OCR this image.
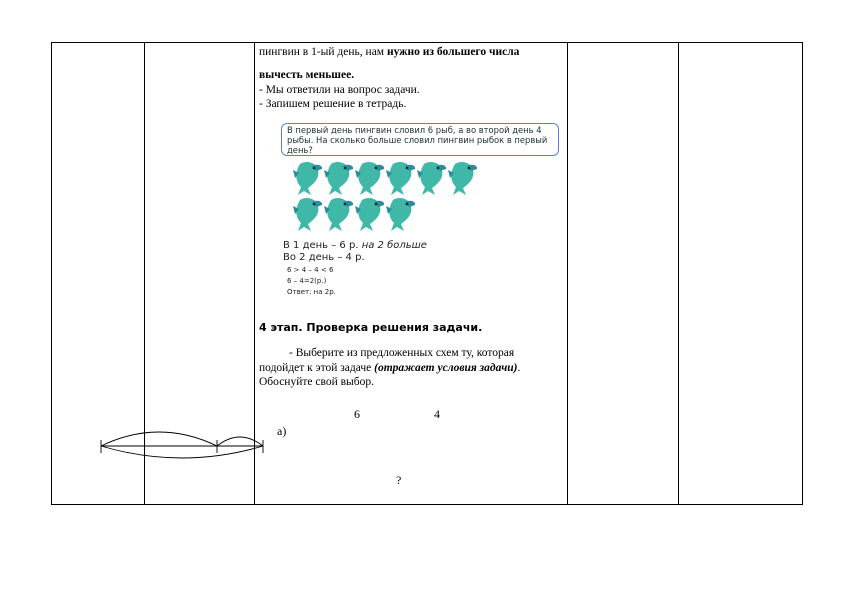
пингвин в 1-ый день, нам нужно из большего числа
вычесть меньшее.
- Мы ответили на вопрос задачи.
- Запишем решение в тетрадь.
В первый день пингвин словил 6 рыб, а во второй день 4 рыбы. На сколько больше словил пингвин рыбок в первый день?
В 1 день – 6 р. на 2 больше
Во 2 день – 4 р.
6 > 4 – 4 < 6
6 – 4=2(р.)
Ответ: на 2р.
4 этап. Проверка решения задачи.
- Выберите из предложенных схем ту, которая
подойдет к этой задаче (отражает условия задачи).
Обоснуйте свой выбор.
6	4
а)
?
